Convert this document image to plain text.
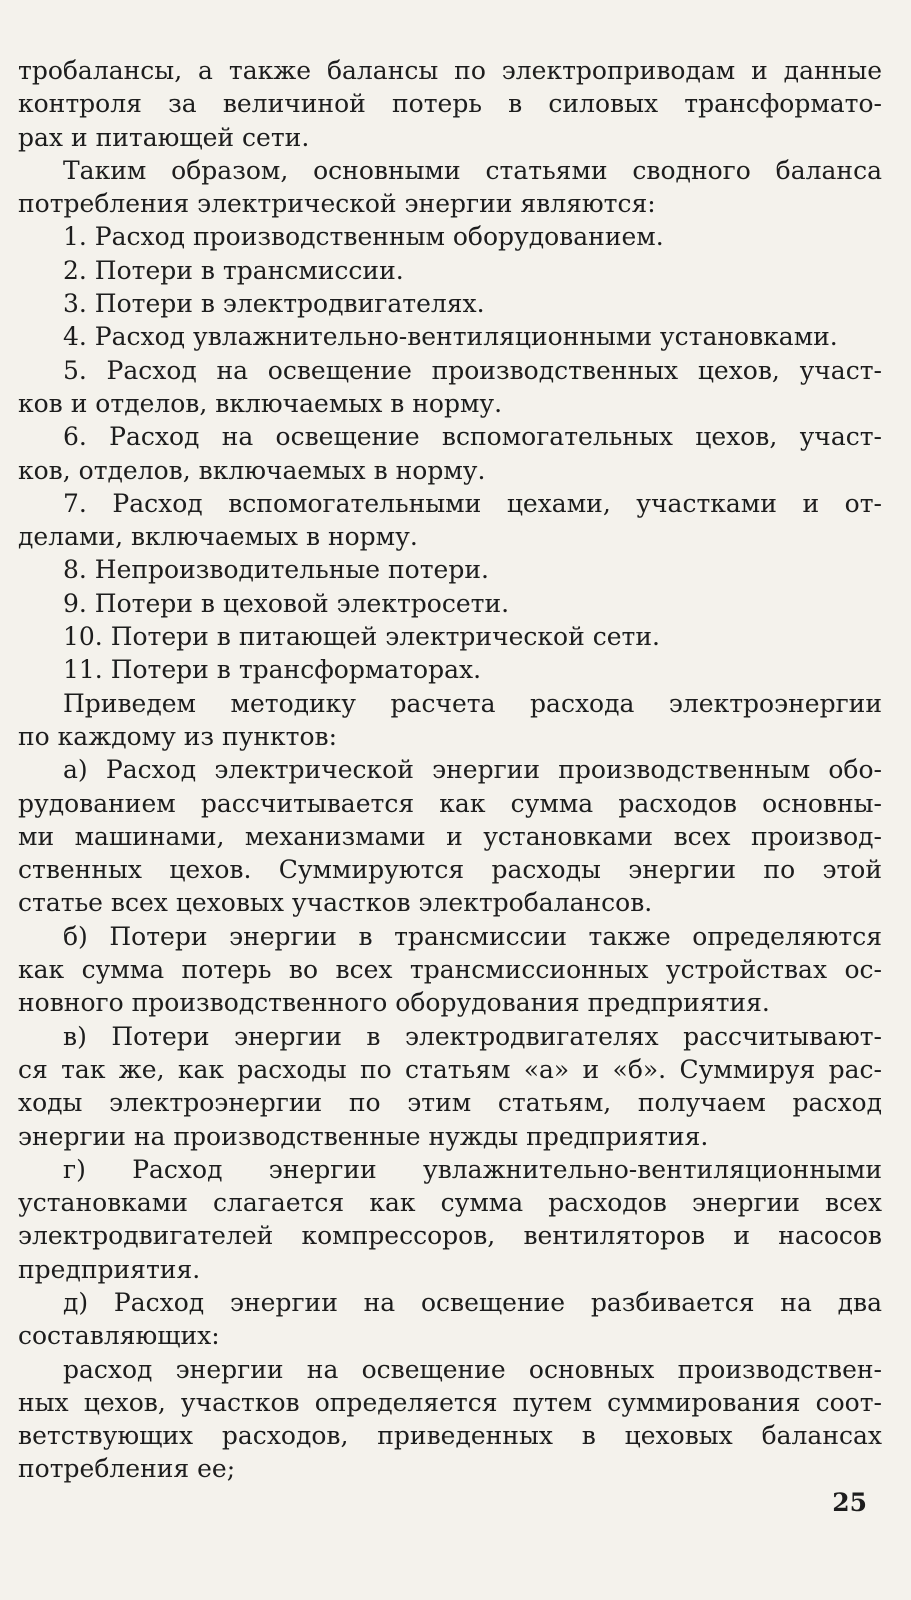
тробалансы, а также балансы по электроприводам и данные
контроля за величиной потерь в силовых трансформато-
рах и питающей сети.
Таким образом, основными статьями сводного баланса
потребления электрической энергии являются:
1. Расход производственным оборудованием.
2. Потери в трансмиссии.
3. Потери в электродвигателях.
4. Расход увлажнительно-вентиляционными установками.
5. Расход на освещение производственных цехов, участ-
ков и отделов, включаемых в норму.
6. Расход на освещение вспомогательных цехов, участ-
ков, отделов, включаемых в норму.
7. Расход вспомогательными цехами, участками и от-
делами, включаемых в норму.
8. Непроизводительные потери.
9. Потери в цеховой электросети.
10. Потери в питающей электрической сети.
11. Потери в трансформаторах.
Приведем методику расчета расхода электроэнергии
по каждому из пунктов:
а) Расход электрической энергии производственным обо-
рудованием рассчитывается как сумма расходов основны-
ми машинами, механизмами и установками всех производ-
ственных цехов. Суммируются расходы энергии по этой
статье всех цеховых участков электробалансов.
б) Потери энергии в трансмиссии также определяются
как сумма потерь во всех трансмиссионных устройствах ос-
новного производственного оборудования предприятия.
в) Потери энергии в электродвигателях рассчитывают-
ся так же, как расходы по статьям «а» и «б». Суммируя рас-
ходы электроэнергии по этим статьям, получаем расход
энергии на производственные нужды предприятия.
г) Расход энергии увлажнительно-вентиляционными
установками слагается как сумма расходов энергии всех
электродвигателей компрессоров, вентиляторов и насосов
предприятия.
д) Расход энергии на освещение разбивается на два
составляющих:
расход энергии на освещение основных производствен-
ных цехов, участков определяется путем суммирования соот-
ветствующих расходов, приведенных в цеховых балансах
потребления ее;
25
